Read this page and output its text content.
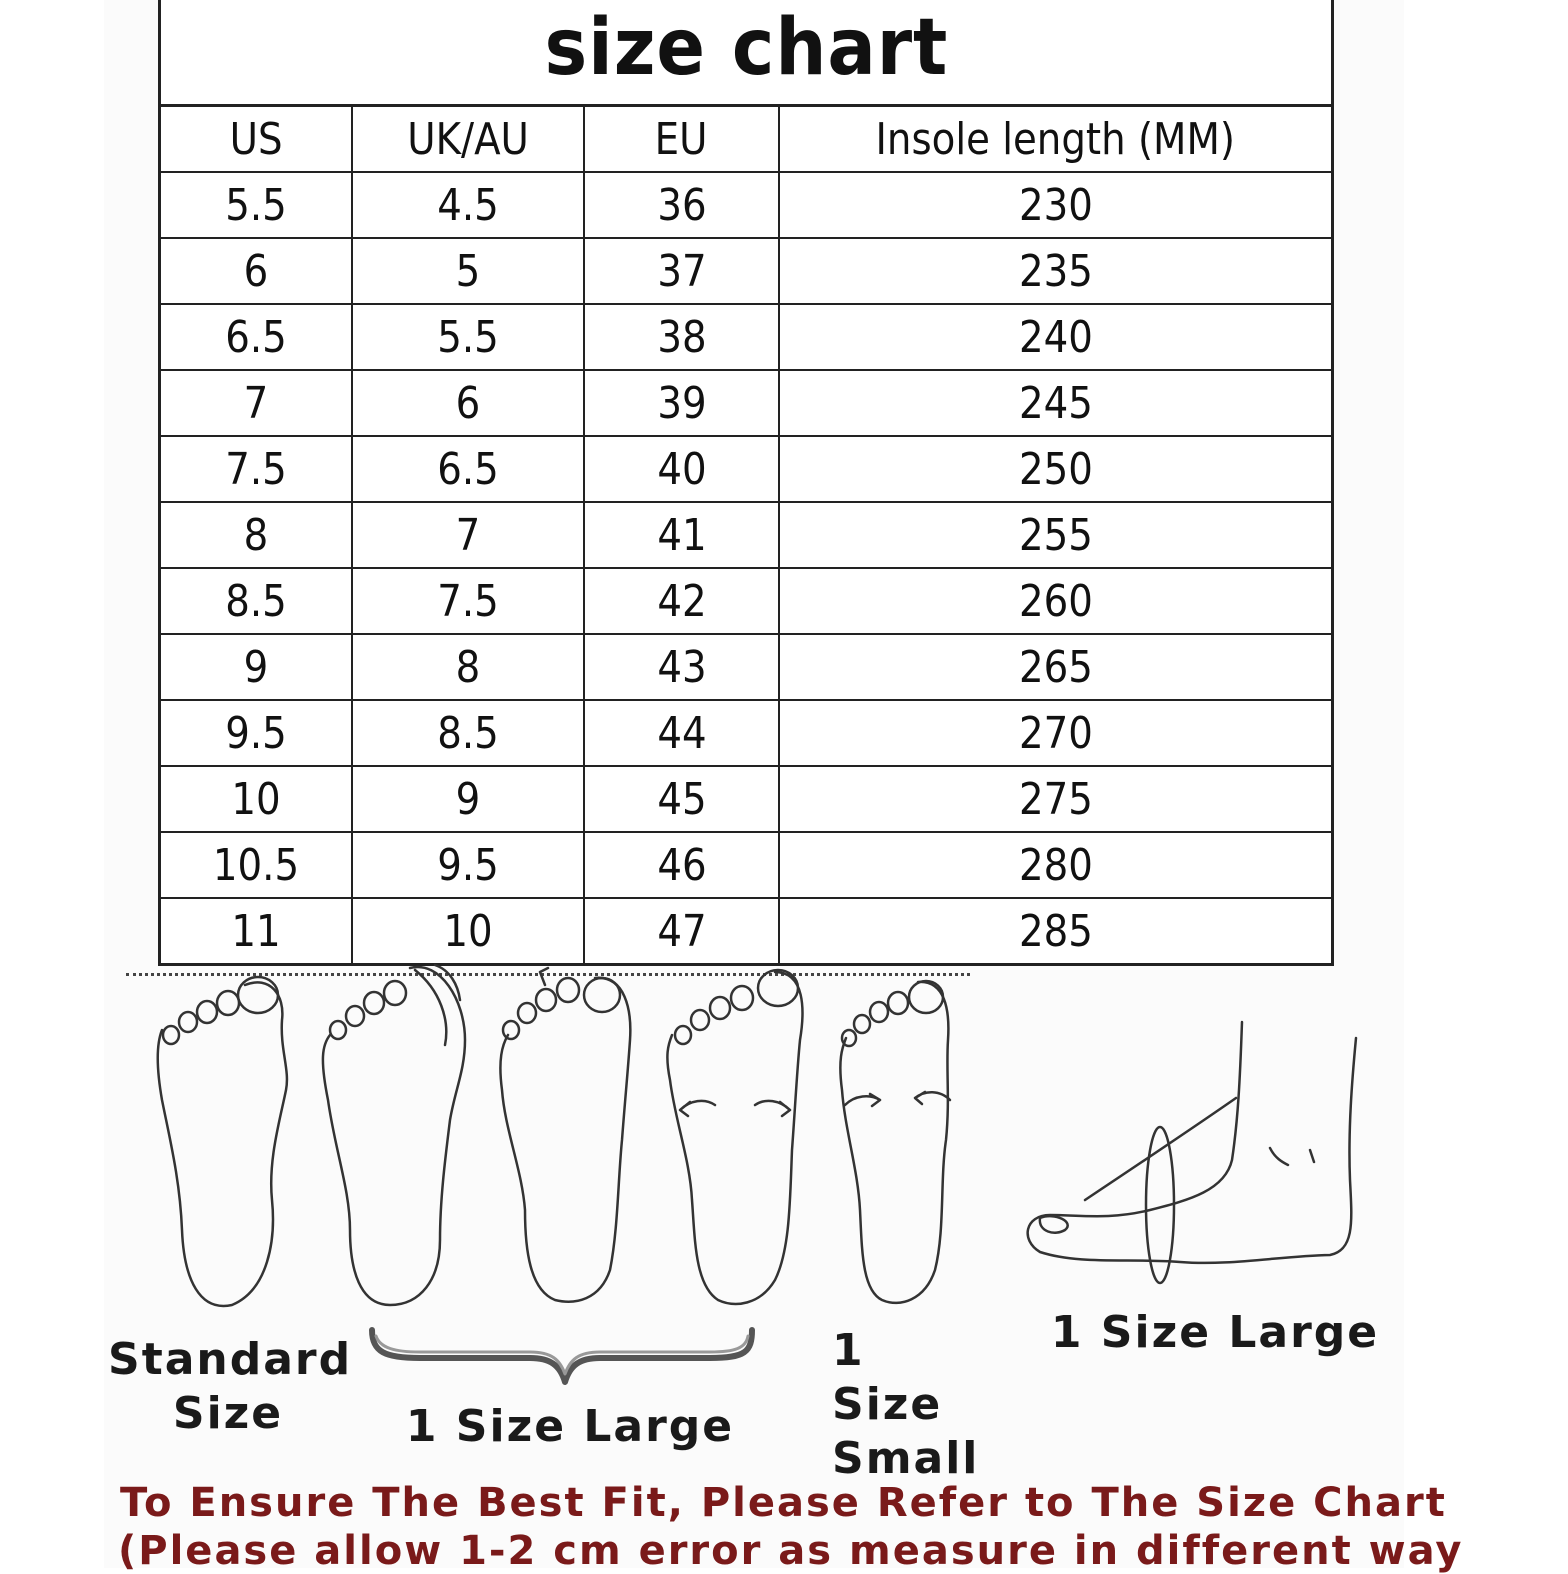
size chart
US	UK/AU	EU	Insole length (MM)
5.5	4.5	36	230
6	5	37	235
6.5	5.5	38	240
7	6	39	245
7.5	6.5	40	250
8	7	41	255
8.5	7.5	42	260
9	8	43	265
9.5	8.5	44	270
10	9	45	275
10.5	9.5	46	280
11	10	47	285
Standard
Size	1 Size Large
1 Size
Small
1 Size Large
To Ensure The Best Fit, Please Refer to The Size Chart
(Please allow 1-2 cm error as measure in different way
